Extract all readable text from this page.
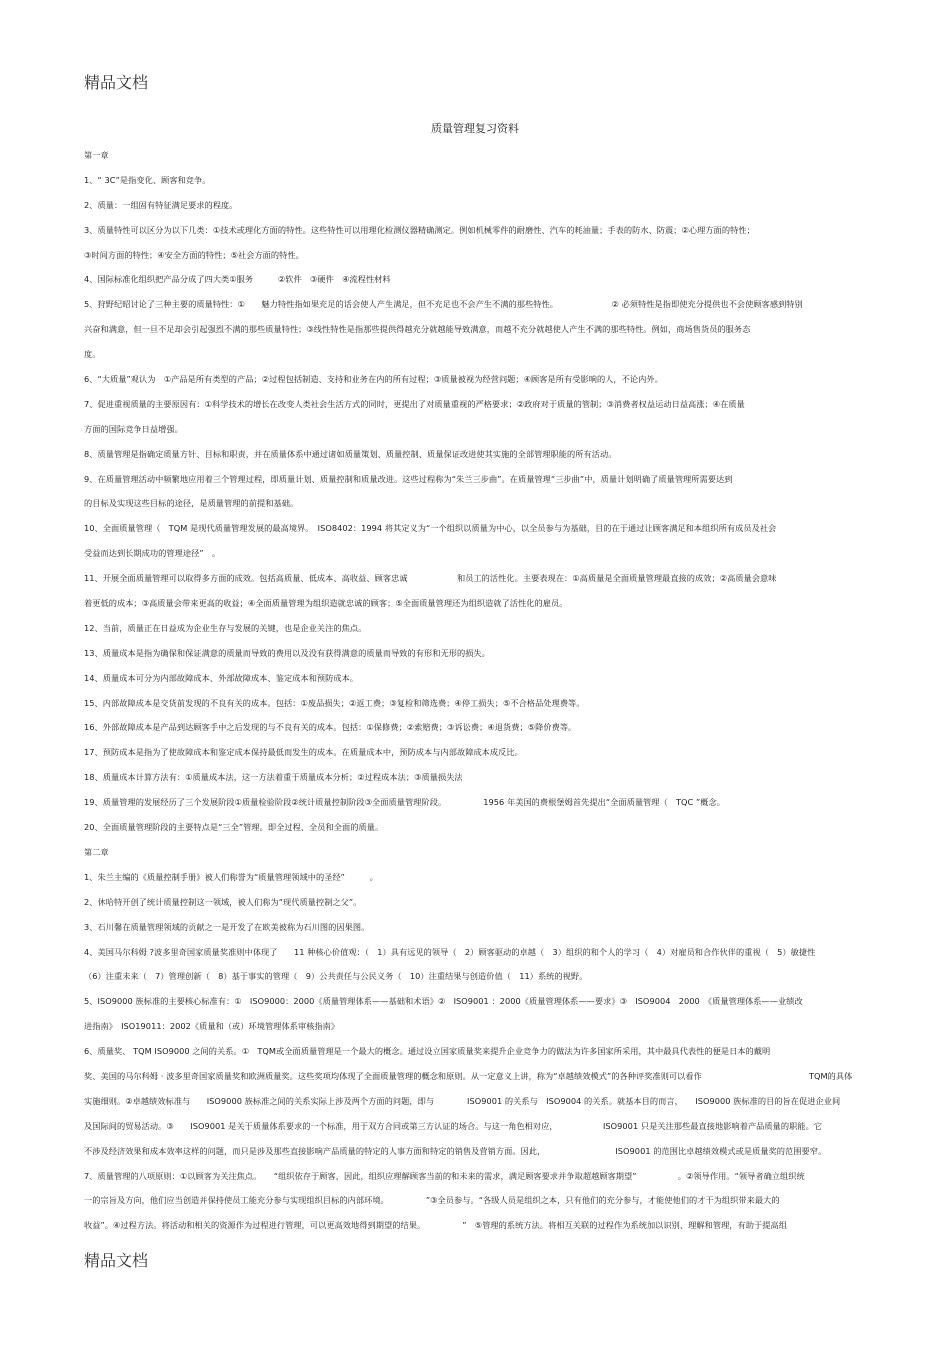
精品文档
质量管理复习资料
第一章
1、“ 3C”是指变化、顾客和竞争。
2、质量：一组固有特征满足要求的程度。
3、质量特性可以区分为以下几类：①技术或理化方面的特性。这些特性可以用理化检测仪器精确测定。例如机械零件的耐磨性、汽车的耗油量；手表的防水、防震；②心理方面的特性；
③时间方面的特性；④安全方面的特性；⑤社会方面的特性。
4、国际标准化组织把产品分成了四大类①服务　　　②软件　③硬件　④流程性材料
5、狩野纪昭讨论了三种主要的质量特性：①　　魅力特性指如果充足的话会使人产生满足，但不充足也不会产生不满的那些特性。　　　　　　　② 必须特性是指即使充分提供也不会使顾客感到特别
兴奋和满意，但一旦不足却会引起强烈不满的那些质量特性；③线性特性是指那些提供得越充分就越能导致满意，而越不充分就越使人产生不满的那些特性。例如，商场售货员的服务态
度。
6、“大质量”观认为　①产品是所有类型的产品；②过程包括制造、支持和业务在内的所有过程；③质量被视为经营问题；④顾客是所有受影响的人，不论内外。
7、促进重视质量的主要原因有：①科学技术的增长在改变人类社会生活方式的同时，更提出了对质量重视的严格要求；②政府对于质量的管制；③消费者权益运动日益高涨；④在质量
方面的国际竞争日益增强。
8、质量管理是指确定质量方针、目标和职责，并在质量体系中通过诸如质量策划、质量控制、质量保证改进使其实施的全部管理职能的所有活动。
9、在质量管理活动中频繁地应用着三个管理过程，即质量计划、质量控制和质量改进。这些过程称为“朱兰三步曲”。在质量管理“三步曲”中，质量计划明确了质量管理所需要达到
的目标及实现这些目标的途径，是质量管理的前提和基础。
10、全面质量管理（　TQM 是现代质量管理发展的最高境界。　ISO8402：1994 将其定义为“一个组织以质量为中心，以全员参与为基础，目的在于通过让顾客满足和本组织所有成员及社会
受益而达到长期成功的管理途径”　。
11、开展全面质量管理可以取得多方面的成效。包括高质量、低成本、高收益、顾客忠诚　　　　　　和员工的活性化。主要表现在：①高质量是全面质量管理最直接的成效；②高质量会意味
着更低的成本；③高质量会带来更高的收益；④全面质量管理为组织造就忠诚的顾客；⑤全面质量管理还为组织造就了活性化的雇员。
12、当前，质量正在日益成为企业生存与发展的关键，也是企业关注的焦点。
13、质量成本是指为确保和保证满意的质量而导致的费用以及没有获得满意的质量而导致的有形和无形的损失。
14、质量成本可分为内部故障成本、外部故障成本、鉴定成本和预防成本。
15、内部故障成本是交货前发现的不良有关的成本。包括：①废品损失；②返工费；③复检和筛选费；④停工损失；⑤不合格品处理费等。
16、外部故障成本是产品到达顾客手中之后发现的与不良有关的成本。包括：①保修费；②索赔费；③诉讼费；④退货费；⑤降价费等。
17、预防成本是指为了使故障成本和鉴定成本保持最低而发生的成本。在质量成本中，预防成本与内部故障成本成反比。
18、质量成本计算方法有：①质量成本法，这一方法着重于质量成本分析；②过程成本法；③质量损失法
19、质量管理的发展经历了三个发展阶段①质量检验阶段②统计质量控制阶段③全面质量管理阶段。　　　　　1956 年美国的费根堡姆首先提出“全面质量管理（　TQC ”概念。
20、全面质量管理阶段的主要特点是“三全”管理。即全过程、全员和全面的质量。
第二章
1、朱兰主编的《质量控制手册》被人们称誉为“质量管理领域中的圣经”　　　。
2、休哈特开创了统计质量控制这一领域，被人们称为“现代质量控制之父”。
3、石川馨在质量管理领域的贡献之一是开发了在欧美被称为石川图的因果图。
4、美国马尔科姆 ?波多里奇国家质量奖准则中体现了　　11 种核心价值观：（　1）具有远见的领导（　2）顾客驱动的卓越（　3）组织的和个人的学习（　4）对雇员和合作伙伴的重视（　5）敏捷性
（6）注重未来（　7）管理创新（　8）基于事实的管理（　9）公共责任与公民义务（　10）注重结果与创造价值（　11）系统的视野。
5、ISO9000 族标准的主要核心标准有：①　ISO9000：2000《质量管理体系——基础和术语》②　ISO9001 ：2000《质量管理体系——要求》③　ISO9004　2000　《质量管理体系——业绩改
进指南》　ISO19011：2002《质量和（或）环境管理体系审核指南》
6、质量奖、 TQM ISO9000 之间的关系。①　TQM或全面质量管理是一个最大的概念。通过设立国家质量奖来提升企业竞争力的做法为许多国家所采用，其中最具代表性的便是日本的戴明
奖、美国的马尔科姆 · 波多里奇国家质量奖和欧洲质量奖。这些奖项均体现了全面质量管理的概念和原则。从一定意义上讲，称为“卓越绩效模式”的各种评奖准则可以看作　　　　　　　　　　　　　TQM的具体
实施细则。②卓越绩效标准与　　ISO9000 族标准之间的关系实际上涉及两个方面的问题，即与　　　　ISO9001 的关系与　ISO9004 的关系。就基本目的而言，　　ISO9000 族标准的目的旨在促进企业间
及国际间的贸易活动。③　　ISO9001 是关于质量体系要求的一个标准，用于双方合同或第三方认证的场合。与这一角色相对应，　　　　　　ISO9001 只是关注那些最直接地影响着产品质量的职能。它
不涉及经济效果和成本效率这样的问题，而只是涉及那些直接影响产品质量的特定的人事方面和特定的销售及营销方面。因此，　　　　　　　　　ISO9001 的范围比卓越绩效模式或是质量奖的范围要窄。
7、质量管理的八项原则：①以顾客为关注焦点。　　“组织依存于顾客，因此，组织应理解顾客当前的和未来的需求，满足顾客要求并争取超越顾客期望”　　　　　。②领导作用。“领导者确立组织统
一的宗旨及方向，他们应当创造并保持使员工能充分参与实现组织目标的内部环境。　　　　　”③全员参与。“各级人员是组织之本，只有他们的充分参与，才能使他们的才干为组织带来最大的
收益”。④过程方法。将活动和相关的资源作为过程进行管理，可以更高效地得到期望的结果。　　　　　”　⑤管理的系统方法。将相互关联的过程作为系统加以识别、理解和管理，有助于提高组
精品文档
